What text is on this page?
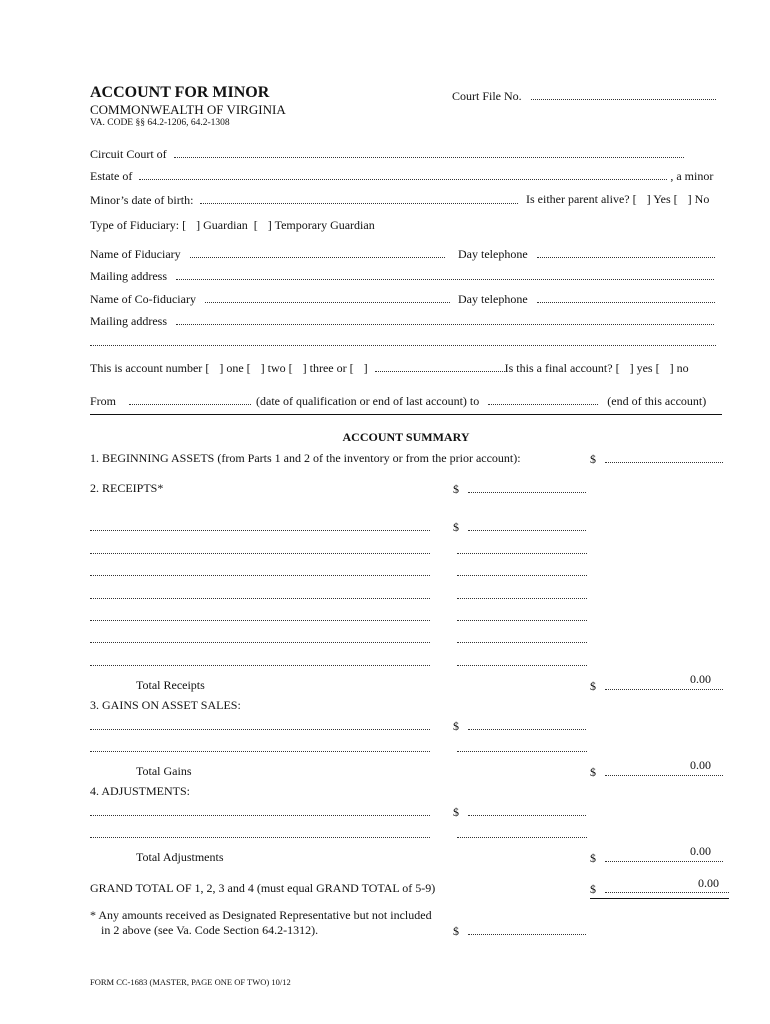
ACCOUNT FOR MINOR
COMMONWEALTH OF VIRGINIA
VA. CODE §§ 64.2-1206, 64.2-1308
Court File No.
Circuit Court of
Estate of	, a minor
Minor’s date of birth:	Is either parent alive? [ ] Yes [ ] No
Type of Fiduciary: [ ] Guardian [ ] Temporary Guardian
Name of Fiduciary	Day telephone
Mailing address
Name of Co-fiduciary	Day telephone
Mailing address
This is account number [ ] one [ ] two [ ] three or [ ]	Is this a final account? [ ] yes [ ] no
From	(date of qualification or end of last account) to	(end of this account)
ACCOUNT SUMMARY
1. BEGINNING ASSETS (from Parts 1 and 2 of the inventory or from the prior account):	$
2. RECEIPTS*	$
$
Total Receipts	$	0.00
3. GAINS ON ASSET SALES:
$
Total Gains	$	0.00
4. ADJUSTMENTS:
$
Total Adjustments	$	0.00
GRAND TOTAL OF 1, 2, 3 and 4 (must equal GRAND TOTAL of 5-9)	$	0.00
* Any amounts received as Designated Representative but not included
in 2 above (see Va. Code Section 64.2-1312).	$
FORM CC-1683 (MASTER, PAGE ONE OF TWO) 10/12
